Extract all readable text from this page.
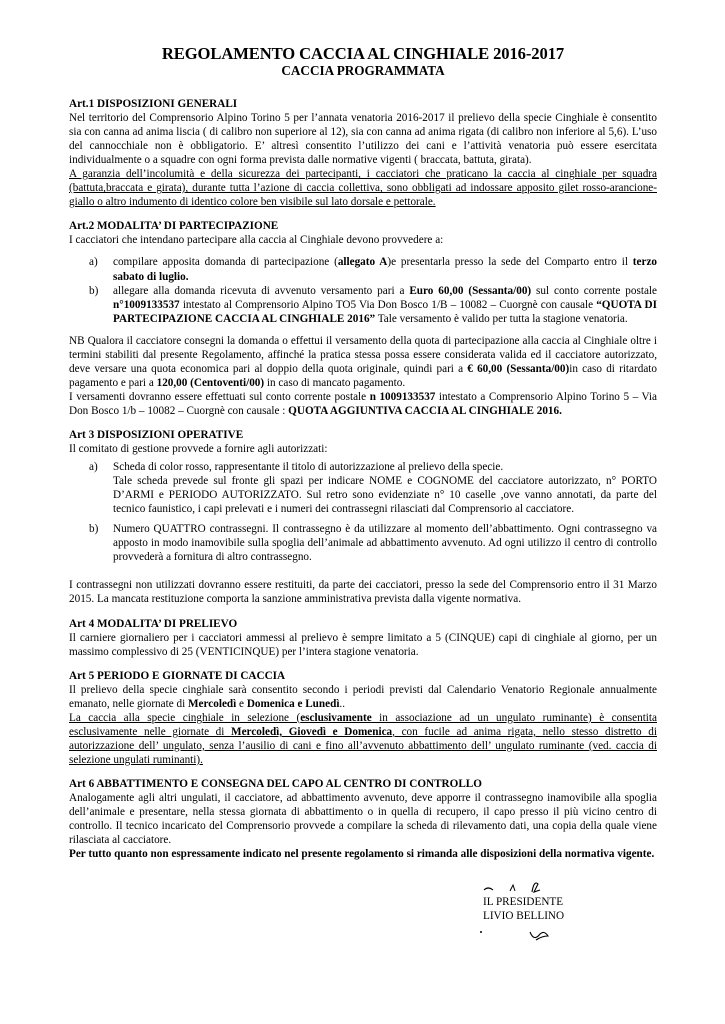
REGOLAMENTO CACCIA AL CINGHIALE 2016-2017
CACCIA PROGRAMMATA
Art.1 DISPOSIZIONI GENERALI
Nel territorio del Comprensorio Alpino Torino 5 per l’annata venatoria 2016-2017 il prelievo della specie Cinghiale è consentito sia con canna ad anima liscia ( di calibro non superiore al 12), sia con canna ad anima rigata (di calibro non inferiore al 5,6). L’uso del cannocchiale non è obbligatorio. E’ altresì consentito l’utilizzo dei cani e l’attività venatoria può essere esercitata individualmente o a squadre con ogni forma prevista dalle normative vigenti ( braccata, battuta, girata).
A garanzia dell’incolumità e della sicurezza dei partecipanti, i cacciatori che praticano la caccia al cinghiale per squadra (battuta,braccata e girata), durante tutta l’azione di caccia collettiva, sono obbligati ad indossare apposito gilet rosso-arancione-giallo o altro indumento di identico colore ben visibile sul lato dorsale e pettorale.
Art.2 MODALITA’ DI PARTECIPAZIONE
I cacciatori che intendano partecipare alla caccia al Cinghiale devono provvedere a:
a)	compilare apposita domanda di partecipazione (allegato A)e presentarla presso la sede del Comparto entro il terzo sabato di luglio.
b)	allegare alla domanda ricevuta di avvenuto versamento pari a Euro 60,00 (Sessanta/00) sul conto corrente postale n°1009133537 intestato al Comprensorio Alpino TO5 Via Don Bosco 1/B – 10082 – Cuorgnè con causale “QUOTA DI PARTECIPAZIONE CACCIA AL CINGHIALE 2016” Tale versamento è valido per tutta la stagione venatoria.
NB Qualora il cacciatore consegni la domanda o effettui il versamento della quota di partecipazione alla caccia al Cinghiale oltre i termini stabiliti dal presente Regolamento, affinché la pratica stessa possa essere considerata valida ed il cacciatore autorizzato, deve versare una quota economica pari al doppio della quota originale, quindi pari a € 60,00 (Sessanta/00)in caso di ritardato pagamento e pari a 120,00 (Centoventi/00) in caso di mancato pagamento.
I versamenti dovranno essere effettuati sul conto corrente postale n 1009133537 intestato a Comprensorio Alpino Torino 5 – Via Don Bosco 1/b – 10082 – Cuorgnè con causale : QUOTA AGGIUNTIVA CACCIA AL CINGHIALE 2016.
Art 3 DISPOSIZIONI OPERATIVE
Il comitato di gestione provvede a fornire agli autorizzati:
a)	Scheda di color rosso, rappresentante il titolo di autorizzazione al prelievo della specie.
Tale scheda prevede sul fronte gli spazi per indicare NOME e COGNOME del cacciatore autorizzato, n° PORTO D’ARMI e PERIODO AUTORIZZATO. Sul retro sono evidenziate n° 10 caselle ,ove vanno annotati, da parte del tecnico faunistico, i capi prelevati e i numeri dei contrassegni rilasciati dal Comprensorio al cacciatore.
b)	Numero QUATTRO contrassegni. Il contrassegno è da utilizzare al momento dell’abbattimento. Ogni contrassegno va apposto in modo inamovibile sulla spoglia dell’animale ad abbattimento avvenuto. Ad ogni utilizzo il centro di controllo provvederà a fornitura di altro contrassegno.
I contrassegni non utilizzati dovranno essere restituiti, da parte dei cacciatori, presso la sede del Comprensorio entro il 31 Marzo 2015. La mancata restituzione comporta la sanzione amministrativa prevista dalla vigente normativa.
Art 4 MODALITA’ DI PRELIEVO
Il carniere giornaliero per i cacciatori ammessi al prelievo è sempre limitato a 5 (CINQUE) capi di cinghiale al giorno, per un massimo complessivo di 25 (VENTICINQUE) per l’intera stagione venatoria.
Art 5 PERIODO E GIORNATE DI CACCIA
Il prelievo della specie cinghiale sarà consentito secondo i periodi previsti dal Calendario Venatorio Regionale annualmente emanato, nelle giornate di Mercoledì e Domenica e Lunedì..
La caccia alla specie cinghiale in selezione (esclusivamente in associazione ad un ungulato ruminante) è consentita esclusivamente nelle giornate di Mercoledì, Giovedì e Domenica, con fucile ad anima rigata, nello stesso distretto di autorizzazione dell’ ungulato, senza l’ausilio di cani e fino all’avvenuto abbattimento dell’ ungulato ruminante (ved. caccia di selezione ungulati ruminanti).
Art 6 ABBATTIMENTO E CONSEGNA DEL CAPO AL CENTRO DI CONTROLLO
Analogamente agli altri ungulati, il cacciatore, ad abbattimento avvenuto, deve apporre il contrassegno inamovibile alla spoglia dell’animale e presentare, nella stessa giornata di abbattimento o in quella di recupero, il capo presso il più vicino centro di controllo. Il tecnico incaricato del Comprensorio provvede a compilare la scheda di rilevamento dati, una copia della quale viene rilasciata al cacciatore.
Per tutto quanto non espressamente indicato nel presente regolamento si rimanda alle disposizioni della normativa vigente.
IL PRESIDENTE
LIVIO BELLINO
